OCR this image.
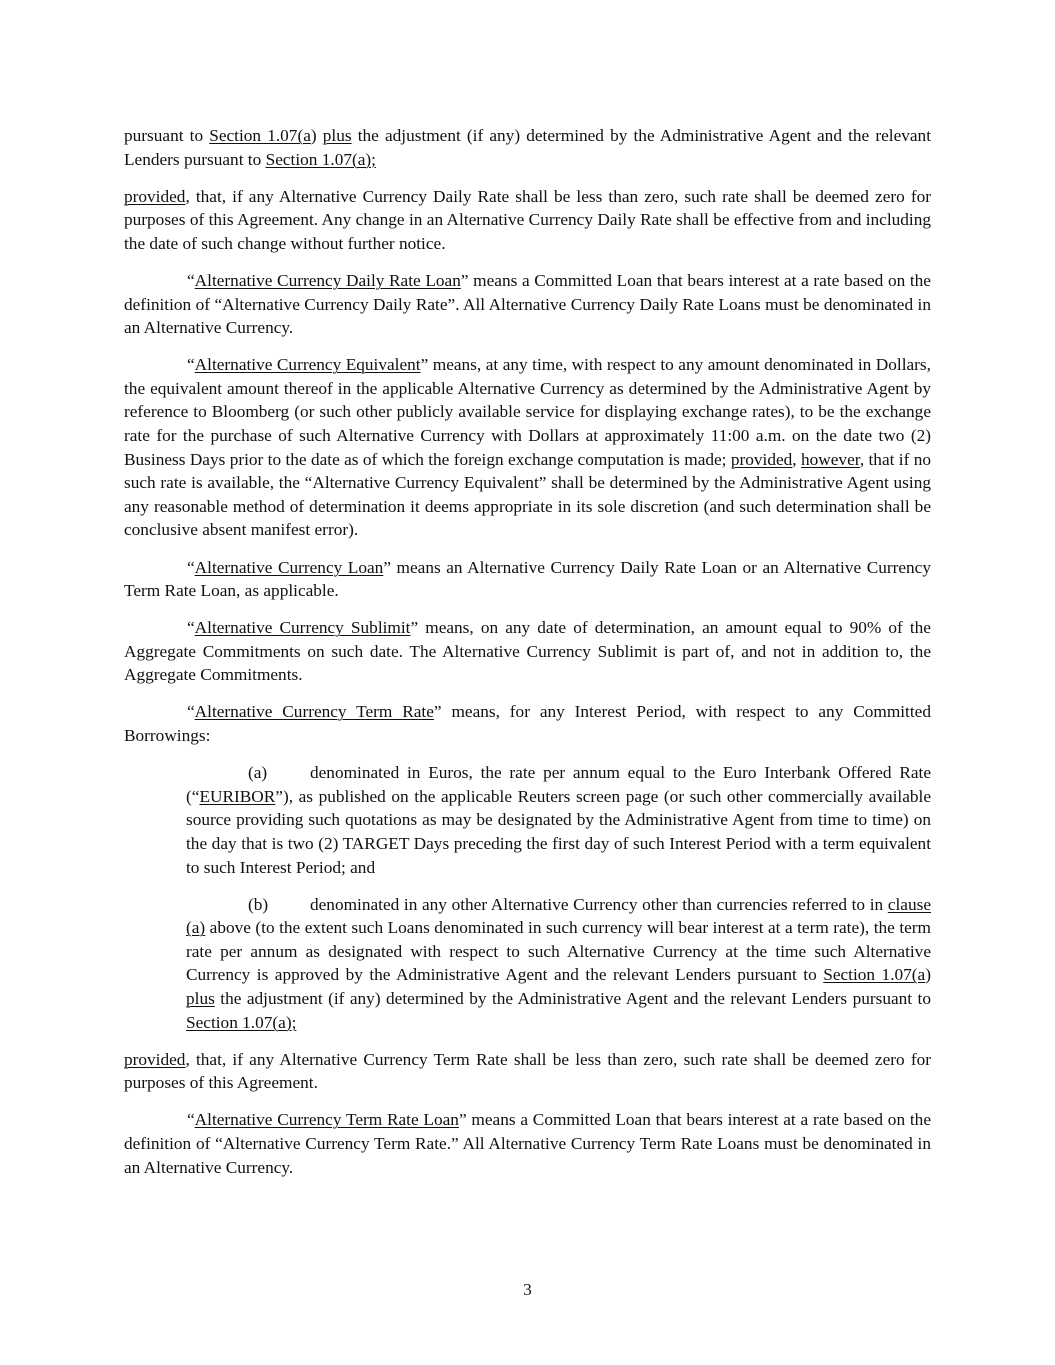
pursuant to Section 1.07(a) plus the adjustment (if any) determined by the Administrative Agent and the relevant Lenders pursuant to Section 1.07(a);

provided, that, if any Alternative Currency Daily Rate shall be less than zero, such rate shall be deemed zero for purposes of this Agreement. Any change in an Alternative Currency Daily Rate shall be effective from and including the date of such change without further notice.

“Alternative Currency Daily Rate Loan” means a Committed Loan that bears interest at a rate based on the definition of “Alternative Currency Daily Rate”. All Alternative Currency Daily Rate Loans must be denominated in an Alternative Currency.

“Alternative Currency Equivalent” means, at any time, with respect to any amount denominated in Dollars, the equivalent amount thereof in the applicable Alternative Currency as determined by the Administrative Agent by reference to Bloomberg (or such other publicly available service for displaying exchange rates), to be the exchange rate for the purchase of such Alternative Currency with Dollars at approximately 11:00 a.m. on the date two (2) Business Days prior to the date as of which the foreign exchange computation is made; provided, however, that if no such rate is available, the “Alternative Currency Equivalent” shall be determined by the Administrative Agent using any reasonable method of determination it deems appropriate in its sole discretion (and such determination shall be conclusive absent manifest error).

“Alternative Currency Loan” means an Alternative Currency Daily Rate Loan or an Alternative Currency Term Rate Loan, as applicable.

“Alternative Currency Sublimit” means, on any date of determination, an amount equal to 90% of the Aggregate Commitments on such date. The Alternative Currency Sublimit is part of, and not in addition to, the Aggregate Commitments.

“Alternative Currency Term Rate” means, for any Interest Period, with respect to any Committed Borrowings:

(a) denominated in Euros, the rate per annum equal to the Euro Interbank Offered Rate (“EURIBOR”), as published on the applicable Reuters screen page (or such other commercially available source providing such quotations as may be designated by the Administrative Agent from time to time) on the day that is two (2) TARGET Days preceding the first day of such Interest Period with a term equivalent to such Interest Period; and

(b) denominated in any other Alternative Currency other than currencies referred to in clause (a) above (to the extent such Loans denominated in such currency will bear interest at a term rate), the term rate per annum as designated with respect to such Alternative Currency at the time such Alternative Currency is approved by the Administrative Agent and the relevant Lenders pursuant to Section 1.07(a) plus the adjustment (if any) determined by the Administrative Agent and the relevant Lenders pursuant to Section 1.07(a);

provided, that, if any Alternative Currency Term Rate shall be less than zero, such rate shall be deemed zero for purposes of this Agreement.

“Alternative Currency Term Rate Loan” means a Committed Loan that bears interest at a rate based on the definition of “Alternative Currency Term Rate.” All Alternative Currency Term Rate Loans must be denominated in an Alternative Currency.

3
